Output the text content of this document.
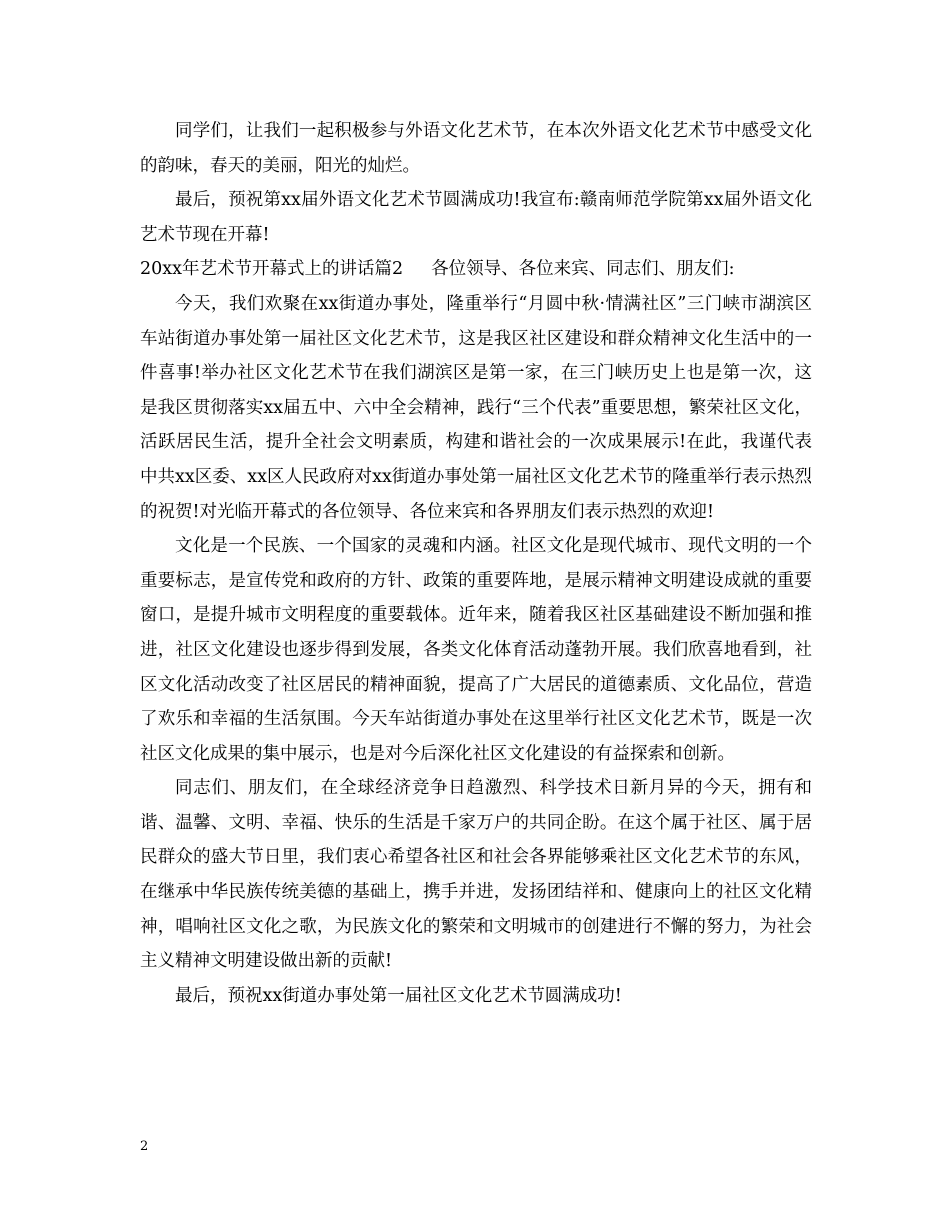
同学们，让我们一起积极参与外语文化艺术节，在本次外语文化艺术节中感受文化的韵味，春天的美丽，阳光的灿烂。

最后，预祝第xx届外语文化艺术节圆满成功!我宣布:赣南师范学院第xx届外语文化艺术节现在开幕!

20xx年艺术节开幕式上的讲话篇2 各位领导、各位来宾、同志们、朋友们:

今天，我们欢聚在xx街道办事处，隆重举行“月圆中秋·情满社区”三门峡市湖滨区车站街道办事处第一届社区文化艺术节，这是我区社区建设和群众精神文化生活中的一件喜事!举办社区文化艺术节在我们湖滨区是第一家，在三门峡历史上也是第一次，这是我区贯彻落实xx届五中、六中全会精神，践行“三个代表”重要思想，繁荣社区文化，活跃居民生活，提升全社会文明素质，构建和谐社会的一次成果展示!在此，我谨代表中共xx区委、xx区人民政府对xx街道办事处第一届社区文化艺术节的隆重举行表示热烈的祝贺!对光临开幕式的各位领导、各位来宾和各界朋友们表示热烈的欢迎!

文化是一个民族、一个国家的灵魂和内涵。社区文化是现代城市、现代文明的一个重要标志，是宣传党和政府的方针、政策的重要阵地，是展示精神文明建设成就的重要窗口，是提升城市文明程度的重要载体。近年来，随着我区社区基础建设不断加强和推进，社区文化建设也逐步得到发展，各类文化体育活动蓬勃开展。我们欣喜地看到，社区文化活动改变了社区居民的精神面貌，提高了广大居民的道德素质、文化品位，营造了欢乐和幸福的生活氛围。今天车站街道办事处在这里举行社区文化艺术节，既是一次社区文化成果的集中展示，也是对今后深化社区文化建设的有益探索和创新。

同志们、朋友们，在全球经济竞争日趋激烈、科学技术日新月异的今天，拥有和谐、温馨、文明、幸福、快乐的生活是千家万户的共同企盼。在这个属于社区、属于居民群众的盛大节日里，我们衷心希望各社区和社会各界能够乘社区文化艺术节的东风，在继承中华民族传统美德的基础上，携手并进，发扬团结祥和、健康向上的社区文化精神，唱响社区文化之歌，为民族文化的繁荣和文明城市的创建进行不懈的努力，为社会主义精神文明建设做出新的贡献!

最后，预祝xx街道办事处第一届社区文化艺术节圆满成功!

2
